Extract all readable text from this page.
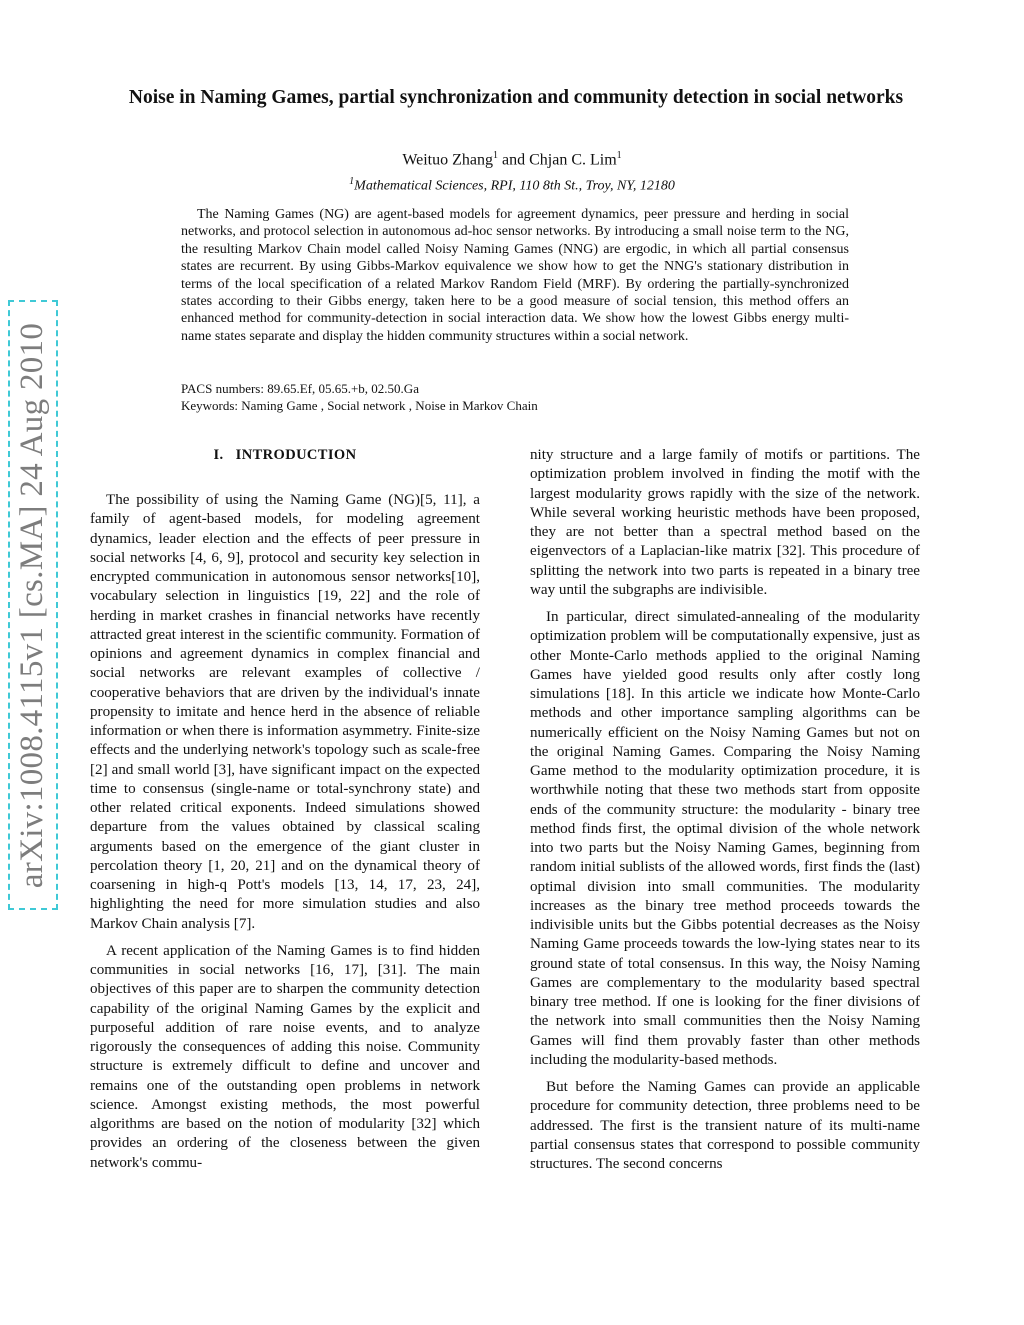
arXiv:1008.4115v1 [cs.MA] 24 Aug 2010
Noise in Naming Games, partial synchronization and community detection in social networks
Weituo Zhang$^1$ and Chjan C. Lim$^1$
$^1$Mathematical Sciences, RPI, 110 8th St., Troy, NY, 12180

The Naming Games (NG) are agent-based models for agreement dynamics, peer pressure and herding in social networks, and protocol selection in autonomous ad-hoc sensor networks. By introducing a small noise term to the NG, the resulting Markov Chain model called Noisy Naming Games (NNG) are ergodic, in which all partial consensus states are recurrent. By using Gibbs-Markov equivalence we show how to get the NNG's stationary distribution in terms of the local specification of a related Markov Random Field (MRF). By ordering the partially-synchronized states according to their Gibbs energy, taken here to be a good measure of social tension, this method offers an enhanced method for community-detection in social interaction data. We show how the lowest Gibbs energy multi-name states separate and display the hidden community structures within a social network.

PACS numbers: 89.65.Ef, 05.65.+b, 02.50.Ga
Keywords: Naming Game , Social network , Noise in Markov Chain
I.   INTRODUCTION

The possibility of using the Naming Game (NG)[5, 11], a family of agent-based models, for modeling agreement dynamics, leader election and the effects of peer pressure in social networks [4, 6, 9], protocol and security key selection in encrypted communication in autonomous sensor networks[10], vocabulary selection in linguistics [19, 22] and the role of herding in market crashes in financial networks have recently attracted great interest in the scientific community. Formation of opinions and agreement dynamics in complex financial and social networks are relevant examples of collective / cooperative behaviors that are driven by the individual's innate propensity to imitate and hence herd in the absence of reliable information or when there is information asymmetry. Finite-size effects and the underlying network's topology such as scale-free [2] and small world [3], have significant impact on the expected time to consensus (single-name or total-synchrony state) and other related critical exponents. Indeed simulations showed departure from the values obtained by classical scaling arguments based on the emergence of the giant cluster in percolation theory [1, 20, 21] and on the dynamical theory of coarsening in high-q Pott's models [13, 14, 17, 23, 24], highlighting the need for more simulation studies and also Markov Chain analysis [7].

A recent application of the Naming Games is to find hidden communities in social networks [16, 17], [31]. The main objectives of this paper are to sharpen the community detection capability of the original Naming Games by the explicit and purposeful addition of rare noise events, and to analyze rigorously the consequences of adding this noise. Community structure is extremely difficult to define and uncover and remains one of the outstanding open problems in network science. Amongst existing methods, the most powerful algorithms are based on the notion of modularity [32] which provides an ordering of the closeness between the given network's commu-

nity structure and a large family of motifs or partitions. The optimization problem involved in finding the motif with the largest modularity grows rapidly with the size of the network. While several working heuristic methods have been proposed, they are not better than a spectral method based on the eigenvectors of a Laplacian-like matrix [32]. This procedure of splitting the network into two parts is repeated in a binary tree way until the subgraphs are indivisible.

In particular, direct simulated-annealing of the modularity optimization problem will be computationally expensive, just as other Monte-Carlo methods applied to the original Naming Games have yielded good results only after costly long simulations [18]. In this article we indicate how Monte-Carlo methods and other importance sampling algorithms can be numerically efficient on the Noisy Naming Games but not on the original Naming Games. Comparing the Noisy Naming Game method to the modularity optimization procedure, it is worthwhile noting that these two methods start from opposite ends of the community structure: the modularity - binary tree method finds first, the optimal division of the whole network into two parts but the Noisy Naming Games, beginning from random initial sublists of the allowed words, first finds the (last) optimal division into small communities. The modularity increases as the binary tree method proceeds towards the indivisible units but the Gibbs potential decreases as the Noisy Naming Game proceeds towards the low-lying states near to its ground state of total consensus. In this way, the Noisy Naming Games are complementary to the modularity based spectral binary tree method. If one is looking for the finer divisions of the network into small communities then the Noisy Naming Games will find them provably faster than other methods including the modularity-based methods.

But before the Naming Games can provide an applicable procedure for community detection, three problems need to be addressed. The first is the transient nature of its multi-name partial consensus states that correspond to possible community structures. The second concerns
